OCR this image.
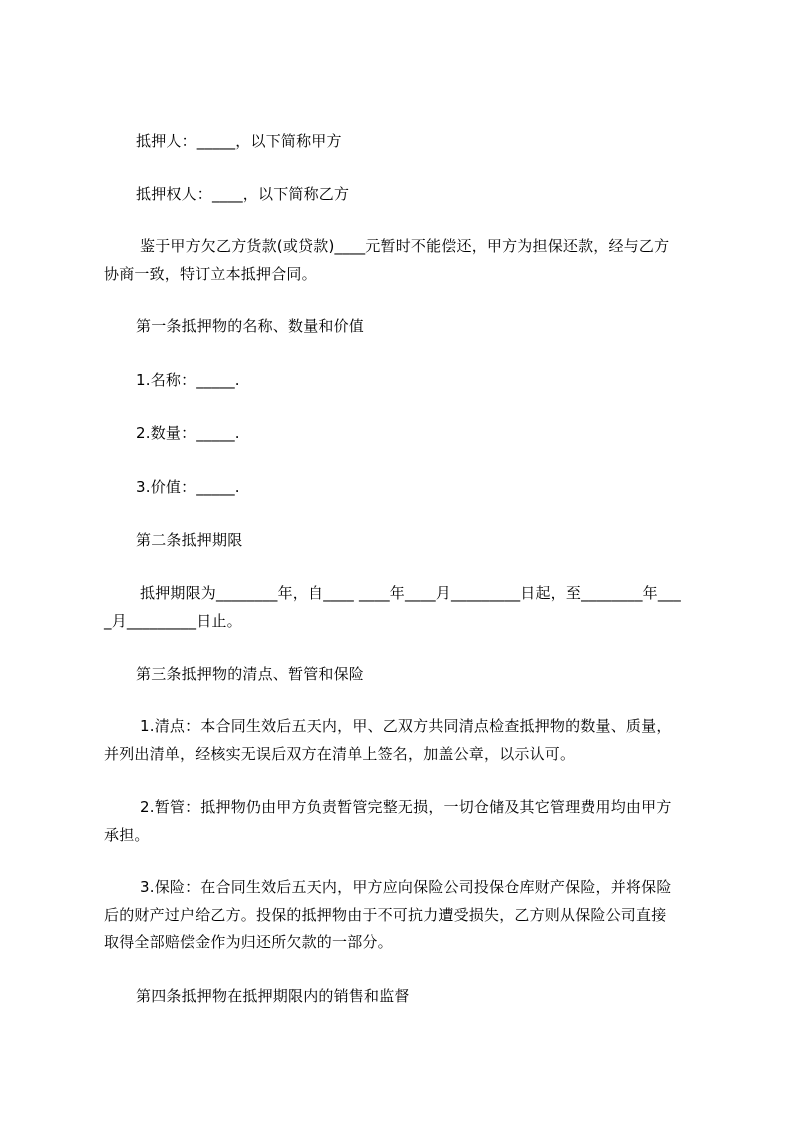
抵押人：_____，以下简称甲方
抵押权人：____，以下简称乙方
鉴于甲方欠乙方货款(或贷款)____元暂时不能偿还，甲方为担保还款，经与乙方
协商一致，特订立本抵押合同。
第一条抵押物的名称、数量和价值
1.名称：_____.
2.数量：_____.
3.价值：_____.
第二条抵押期限
抵押期限为________年，自____ ____年____月_________日起，至________年___
_月_________日止。
第三条抵押物的清点、暂管和保险
1.清点：本合同生效后五天内，甲、乙双方共同清点检查抵押物的数量、质量，
并列出清单，经核实无误后双方在清单上签名，加盖公章，以示认可。
2.暂管：抵押物仍由甲方负责暂管完整无损，一切仓储及其它管理费用均由甲方
承担。
3.保险：在合同生效后五天内，甲方应向保险公司投保仓库财产保险，并将保险
后的财产过户给乙方。投保的抵押物由于不可抗力遭受损失，乙方则从保险公司直接
取得全部赔偿金作为归还所欠款的一部分。
第四条抵押物在抵押期限内的销售和监督
